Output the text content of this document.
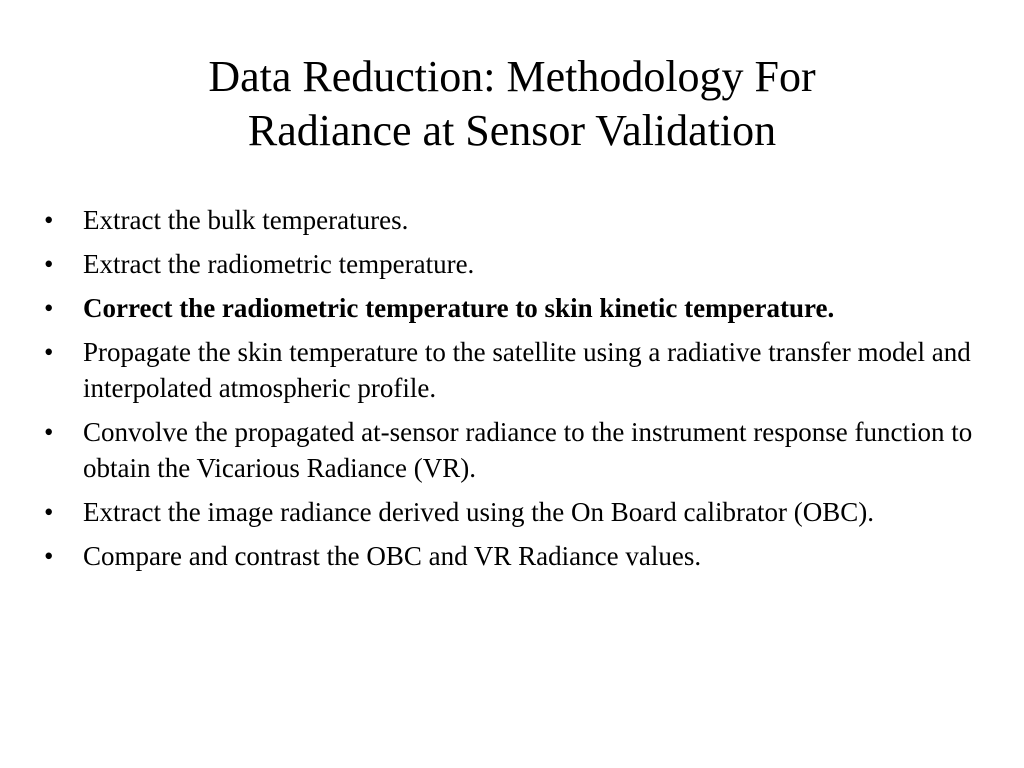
Data Reduction: Methodology For
Radiance at Sensor Validation
•	Extract the bulk temperatures.
•	Extract the radiometric temperature.
•	Correct the radiometric temperature to skin kinetic temperature.
•	Propagate the skin temperature to the satellite using a radiative transfer model and interpolated atmospheric profile.
•	Convolve the propagated at-sensor radiance to the instrument response function to obtain the Vicarious Radiance (VR).
•	Extract the image radiance derived using the On Board calibrator (OBC).
•	Compare and contrast the OBC and VR Radiance values.
